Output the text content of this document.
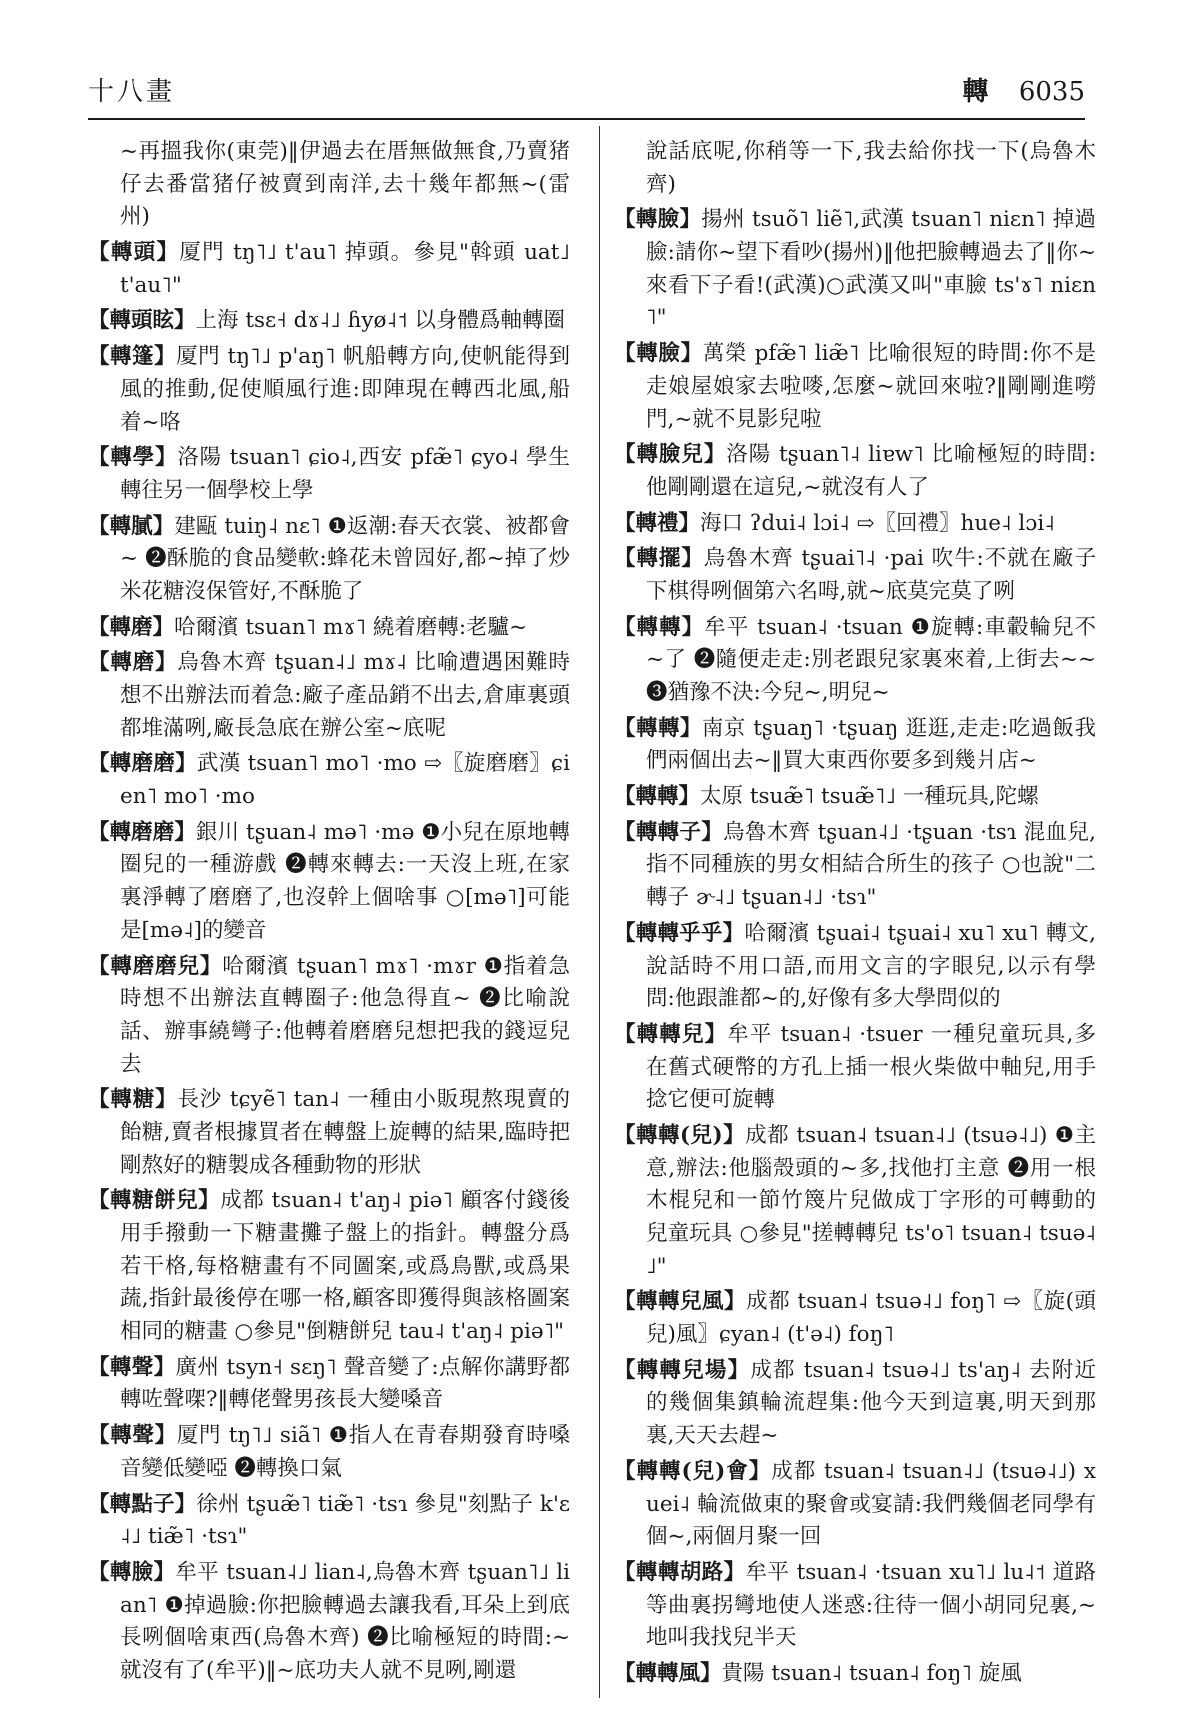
十八畫	轉 6035
~再搵我你(東莞)‖伊過去在厝無做無食,乃賣猪仔去番當猪仔被賣到南洋,去十幾年都無~(雷州)
【轉頭】厦門 tŋ˥˩ t'au˥ 掉頭。參見"斡頭 uat˩ t'au˥"
【轉頭眩】上海 tsɛ˧ dɤ˨˩ ɦyø˨˦ 以身體爲軸轉圈
【轉篷】厦門 tŋ˥˩ p'aŋ˥ 帆船轉方向,使帆能得到風的推動,促使順風行進:即陣現在轉西北風,船着~咯
【轉學】洛陽 tsuan˥ ɕio˨,西安 pfæ̃˥ ɕyo˨ 學生轉往另一個學校上學
【轉膩】建甌 tuiŋ˨ nɛ˥ ❶返潮:春天衣裳、被都會~ ❷酥脆的食品變軟:蜂花未曾囥好,都~掉了炒米花糖沒保管好,不酥脆了
【轉磨】哈爾濱 tsuan˥ mɤ˥ 繞着磨轉:老驢~
【轉磨】烏魯木齊 tʂuan˨˩ mɤ˨ 比喻遭遇困難時想不出辦法而着急:廠子產品銷不出去,倉庫裏頭都堆滿咧,廠長急底在辦公室~底呢
【轉磨磨】武漢 tsuan˥ mo˥ ·mo ⇨〖旋磨磨〗ɕien˥ mo˥ ·mo
【轉磨磨】銀川 tʂuan˨ mə˥ ·mə ❶小兒在原地轉圈兒的一種游戲 ❷轉來轉去:一天沒上班,在家裏淨轉了磨磨了,也沒幹上個啥事 ○[mə˥]可能是[mə˨]的變音
【轉磨磨兒】哈爾濱 tʂuan˥ mɤ˥ ·mɤr ❶指着急時想不出辦法直轉圈子:他急得直~ ❷比喻說話、辦事繞彎子:他轉着磨磨兒想把我的錢逗兒去
【轉糖】長沙 tɕyẽ˥ tan˨ 一種由小販現熬現賣的飴糖,賣者根據買者在轉盤上旋轉的結果,臨時把剛熬好的糖製成各種動物的形狀
【轉糖餅兒】成都 tsuan˨ t'aŋ˨ piə˥ 顧客付錢後用手撥動一下糖畫攤子盤上的指針。轉盤分爲若干格,每格糖畫有不同圖案,或爲鳥獸,或爲果蔬,指針最後停在哪一格,顧客即獲得與該格圖案相同的糖畫 ○參見"倒糖餅兒 tau˨ t'aŋ˨ piə˥"
【轉聲】廣州 tsyn˧ sɛŋ˥ 聲音變了:点解你講野都轉咗聲㗎?‖轉佬聲男孩長大變嗓音
【轉聲】厦門 tŋ˥˩ siã˥ ❶指人在青春期發育時嗓音變低變啞 ❷轉換口氣
【轉點子】徐州 tʂuæ̃˥ tiæ̃˥ ·tsɿ 參見"刻點子 k'ɛ˨˩ tiæ̃˥ ·tsɿ"
【轉臉】牟平 tsuan˨˩ lian˨,烏魯木齊 tʂuan˥˩ lian˥ ❶掉過臉:你把臉轉過去讓我看,耳朵上到底長咧個啥東西(烏魯木齊) ❷比喻極短的時間:~就沒有了(牟平)‖~底功夫人就不見咧,剛還
說話底呢,你稍等一下,我去給你找一下(烏魯木齊)
【轉臉】揚州 tsuõ˥ liẽ˥,武漢 tsuan˥ niɛn˥ 掉過臉:請你~望下看吵(揚州)‖他把臉轉過去了‖你~來看下子看!(武漢)○武漢又叫"車臉 ts'ɤ˥ niɛn˥"
【轉臉】萬榮 pfæ̃˥ liæ̃˥ 比喻很短的時間:你不是走娘屋娘家去啦嘜,怎麼~就回來啦?‖剛剛進嘮門,~就不見影兒啦
【轉臉兒】洛陽 tʂuan˥˨ liɐw˥ 比喻極短的時間:他剛剛還在這兒,~就沒有人了
【轉禮】海口 ʔdui˨ lɔi˨ ⇨〖回禮〗hue˨ lɔi˨
【轉擺】烏魯木齊 tʂuai˥˨ ·pai 吹牛:不就在廠子下棋得咧個第六名呣,就~底莫完莫了咧
【轉轉】牟平 tsuan˨ ·tsuan ❶旋轉:車轂輪兒不~了 ❷隨便走走:別老跟兒家裏來着,上街去~~ ❸猶豫不決:今兒~,明兒~
【轉轉】南京 tʂuaŋ˥ ·tʂuaŋ 逛逛,走走:吃過飯我們兩個出去~‖買大東西你要多到幾爿店~
【轉轉】太原 tsuæ̃˥ tsuæ̃˥˩ 一種玩具,陀螺
【轉轉子】烏魯木齊 tʂuan˨˩ ·tʂuan ·tsɿ 混血兒,指不同種族的男女相結合所生的孩子 ○也說"二轉子 ɚ˨˩ tʂuan˨˩ ·tsɿ"
【轉轉乎乎】哈爾濱 tʂuai˨ tʂuai˨ xu˥ xu˥ 轉文,說話時不用口語,而用文言的字眼兒,以示有學問:他跟誰都~的,好像有多大學問似的
【轉轉兒】牟平 tsuan˨ ·tsuer 一種兒童玩具,多在舊式硬幣的方孔上插一根火柴做中軸兒,用手捻它便可旋轉
【轉轉(兒)】成都 tsuan˨ tsuan˨˩ (tsuə˨˩) ❶主意,辦法:他腦殼頭的~多,找他打主意 ❷用一根木棍兒和一節竹篾片兒做成丁字形的可轉動的兒童玩具 ○參見"搓轉轉兒 ts'o˥ tsuan˨ tsuə˨˩"
【轉轉兒風】成都 tsuan˨ tsuə˨˩ foŋ˥ ⇨〖旋(頭兒)風〗ɕyan˨ (t'ə˨) foŋ˥
【轉轉兒場】成都 tsuan˨ tsuə˨˩ ts'aŋ˨ 去附近的幾個集鎮輪流趕集:他今天到這裏,明天到那裏,天天去趕~
【轉轉(兒)會】成都 tsuan˨ tsuan˨˩ (tsuə˨˩) xuei˨ 輪流做東的聚會或宴請:我們幾個老同學有個~,兩個月聚一回
【轉轉胡路】牟平 tsuan˨ ·tsuan xu˥˩ lu˨˦ 道路等曲裏拐彎地使人迷惑:往待一個小胡同兒裏,~地叫我找兒半天
【轉轉風】貴陽 tsuan˨ tsuan˨ foŋ˥ 旋風
